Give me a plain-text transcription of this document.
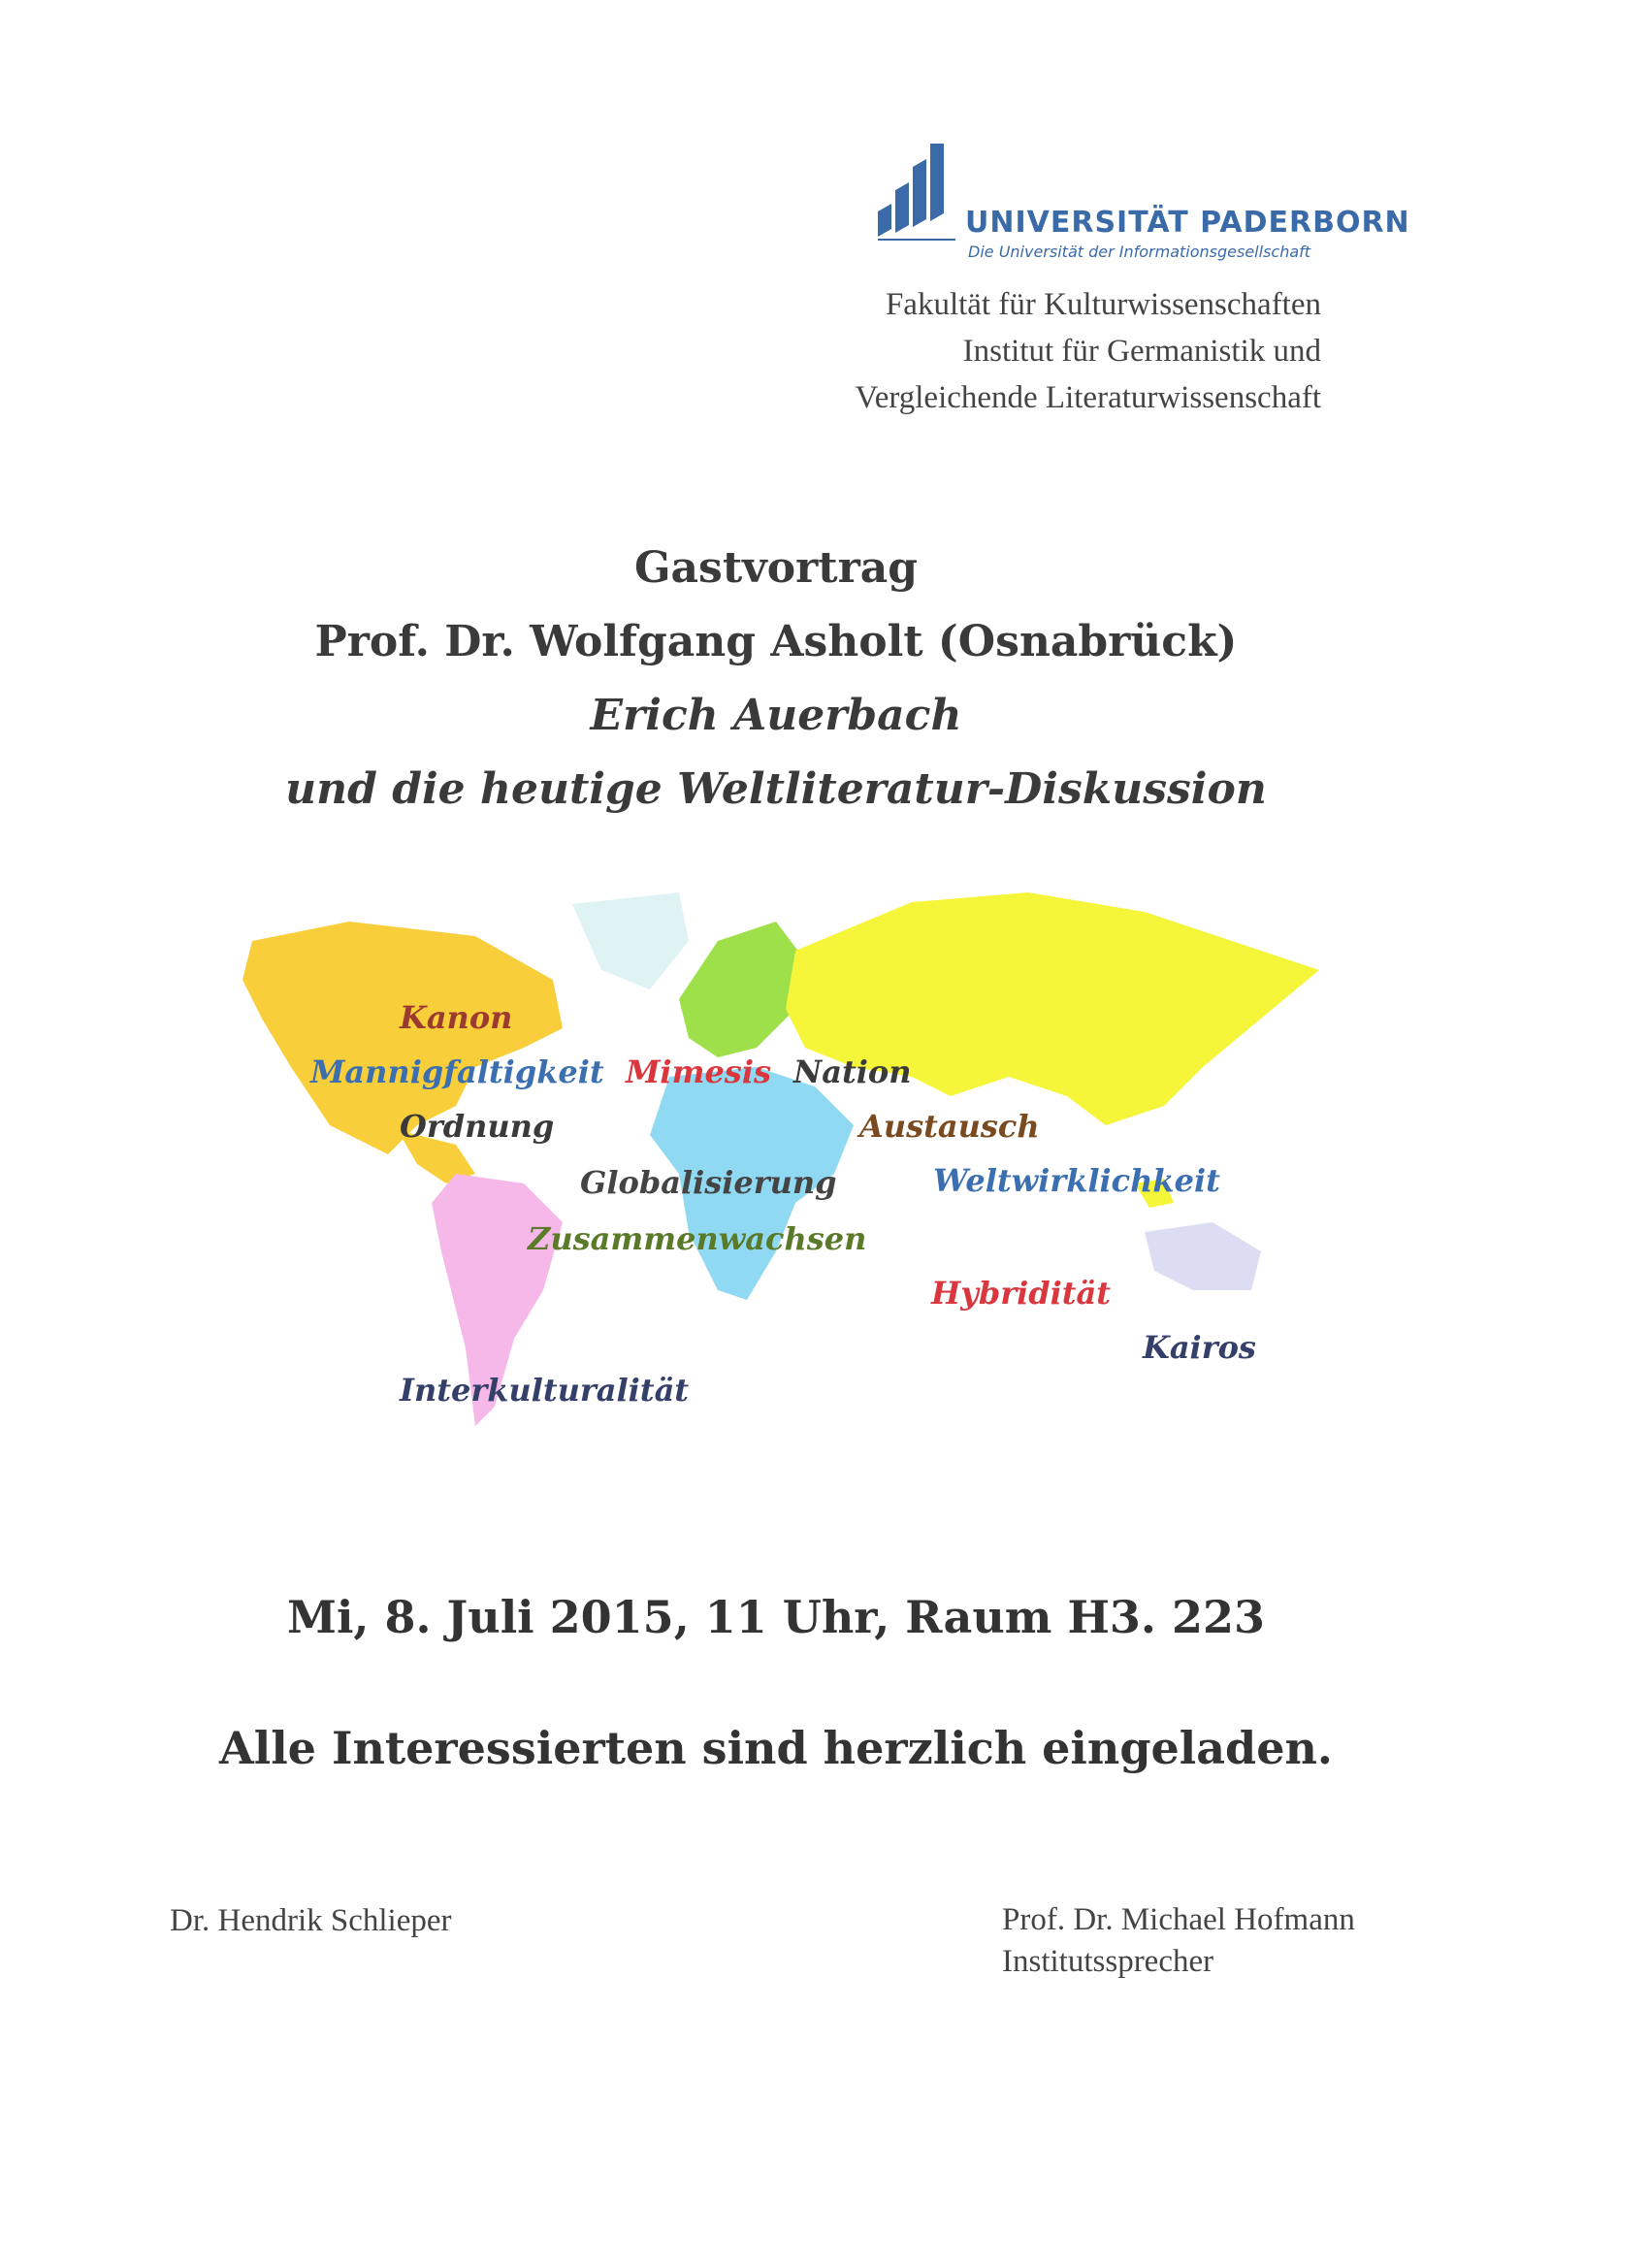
UNIVERSITÄT PADERBORN
Die Universität der Informationsgesellschaft
Fakultät für Kulturwissenschaften
Institut für Germanistik und
Vergleichende Literaturwissenschaft
Gastvortrag
Prof. Dr. Wolfgang Asholt (Osnabrück)
Erich Auerbach
und die heutige Weltliteratur-Diskussion
Kanon
Mannigfaltigkeit Mimesis Nation
Ordnung	Austausch
Globalisierung	Weltwirklichkeit
Zusammenwachsen
Hybridität
Kairos
Interkulturalität
Mi, 8. Juli 2015, 11 Uhr, Raum H3. 223
Alle Interessierten sind herzlich eingeladen.
Dr. Hendrik Schlieper	Prof. Dr. Michael Hofmann
Institutssprecher
